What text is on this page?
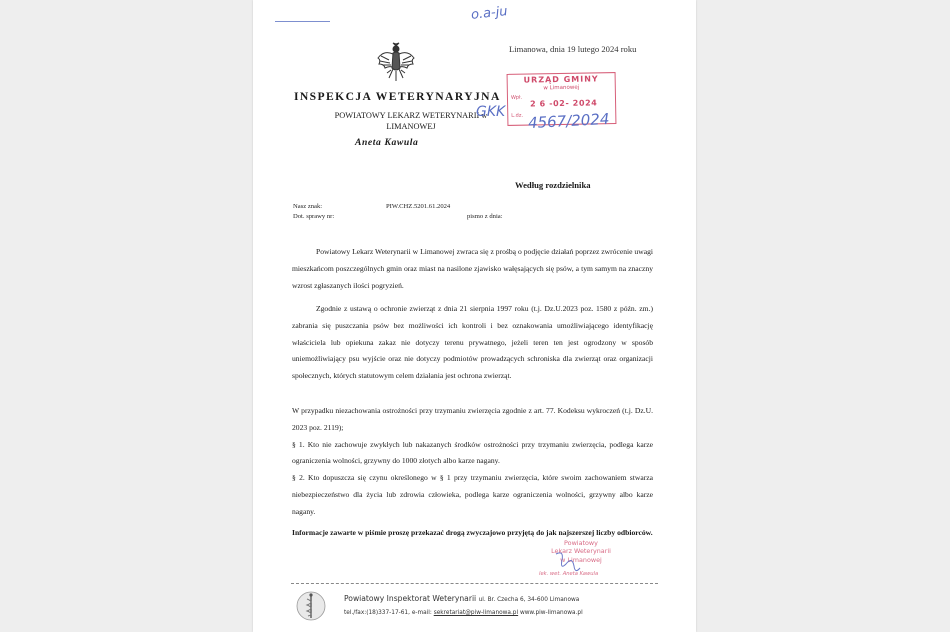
o.a-ju
Limanowa, dnia 19 lutego 2024 roku
INSPEKCJA WETERYNARYJNA
POWIATOWY LEKARZ WETERYNARII w LIMANOWEJ
Aneta Kawula
GKK
URZĄD GMINY
w Limanowej
Wpł.
2 6 -02- 2024
L.dz. 4567/2024
Według rozdzielnika
Nasz znak:	PIW.CHZ.5201.61.2024
Dot. sprawy nr:	pismo z dnia:
Powiatowy Lekarz Weterynarii w Limanowej zwraca się z prośbą o podjęcie działań poprzez zwrócenie uwagi mieszkańcom poszczególnych gmin oraz miast na nasilone zjawisko wałęsających się psów, a tym samym na znaczny wzrost zgłaszanych ilości pogryzień.
Zgodnie z ustawą o ochronie zwierząt z dnia 21 sierpnia 1997 roku (t.j. Dz.U.2023 poz. 1580 z późn. zm.) zabrania się puszczania psów bez możliwości ich kontroli i bez oznakowania umożliwiającego identyfikację właściciela lub opiekuna zakaz nie dotyczy terenu prywatnego, jeżeli teren ten jest ogrodzony w sposób uniemożliwiający psu wyjście oraz nie dotyczy podmiotów prowadzących schroniska dla zwierząt oraz organizacji społecznych, których statutowym celem działania jest ochrona zwierząt.
W przypadku niezachowania ostrożności przy trzymaniu zwierzęcia zgodnie z art. 77. Kodeksu wykroczeń (t.j. Dz.U. 2023 poz. 2119);
§ 1. Kto nie zachowuje zwykłych lub nakazanych środków ostrożności przy trzymaniu zwierzęcia, podlega karze ograniczenia wolności, grzywny do 1000 złotych albo karze nagany.
§ 2. Kto dopuszcza się czynu określonego w § 1 przy trzymaniu zwierzęcia, które swoim zachowaniem stwarza niebezpieczeństwo dla życia lub zdrowia człowieka, podlega karze ograniczenia wolności, grzywny albo karze nagany.
Informacje zawarte w piśmie proszę przekazać drogą zwyczajowo przyjętą do jak najszerszej liczby odbiorców.
Powiatowy
Lekarz Weterynarii
w Limanowej
lek. wet. Aneta Kawula
Powiatowy Inspektorat Weterynarii ul. Br. Czecha 6, 34-600 Limanowa
tel./fax:(18)337-17-61, e-mail: sekretariat@piw-limanowa.pl www.piw-limanowa.pl
